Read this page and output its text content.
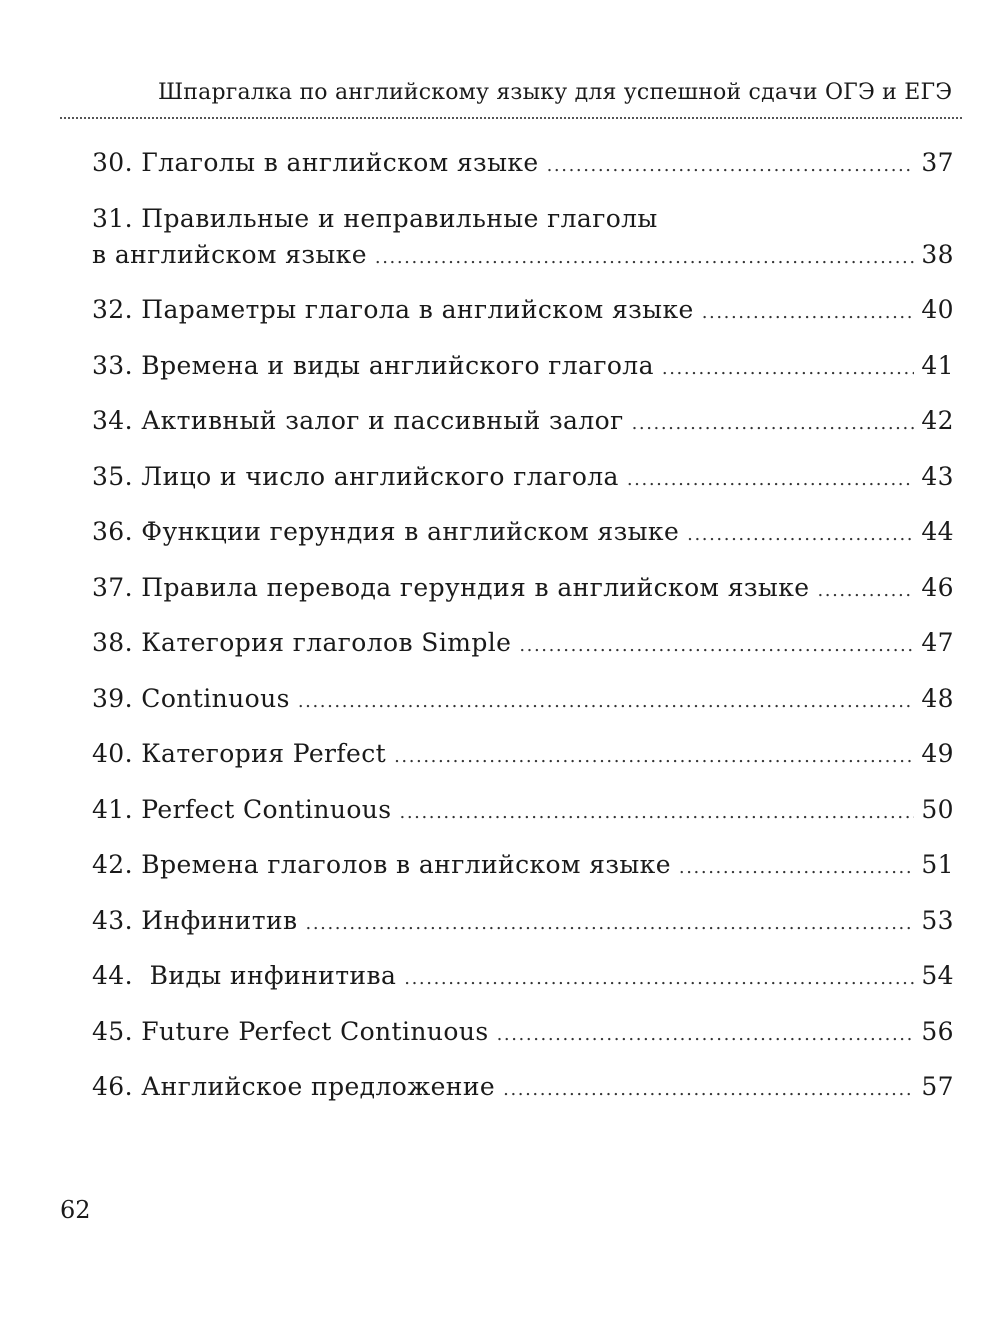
Шпаргалка по английскому языку для успешной сдачи ОГЭ и ЕГЭ
30. Глаголы в английском языке .....	37
31. Правильные и неправильные глаголы
в английском языке .....	38
32. Параметры глагола в английском языке .....	40
33. Времена и виды английского глагола .....	41
34. Активный залог и пассивный залог .....	42
35. Лицо и число английского глагола .....	43
36. Функции герундия в английском языке .....	44
37. Правила перевода герундия в английском языке .....	46
38. Категория глаголов Simple .....	47
39. Continuous .....	48
40. Категория Perfect .....	49
41. Perfect Continuous .....	50
42. Времена глаголов в английском языке .....	51
43. Инфинитив .....	53
44.  Виды инфинитива .....	54
45. Future Perfect Continuous .....	56
46. Английское предложение .....	57
62
